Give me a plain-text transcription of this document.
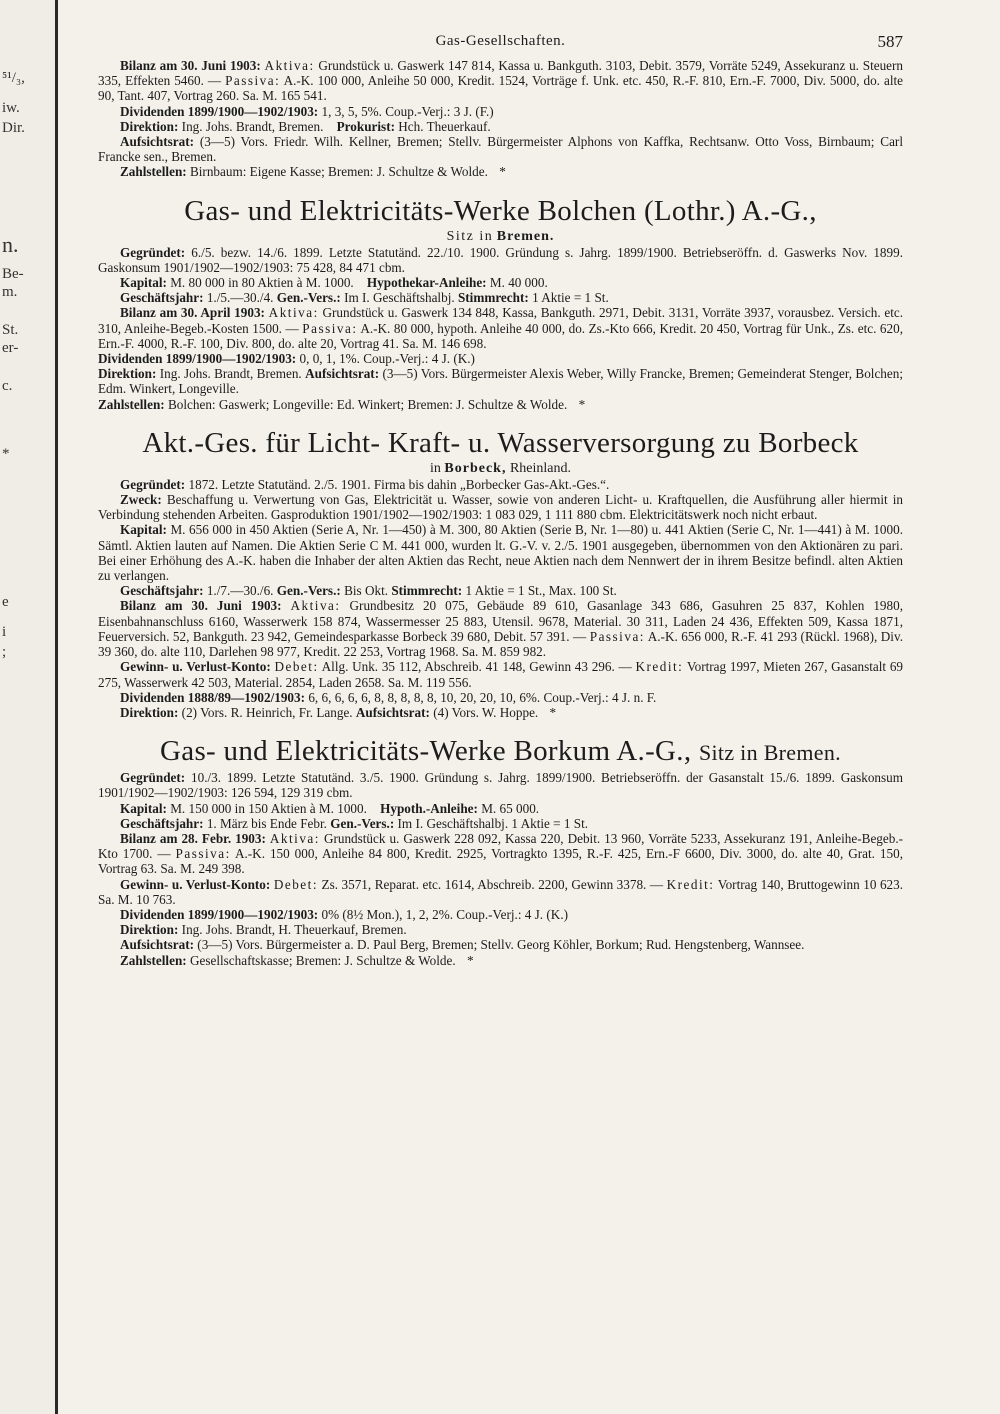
⁵¹/₃,
iw.
Dir.
n.
Be-
m.
St.
er-
c.
*
e
i
;
Gas-Gesellschaften.	587

Bilanz am 30. Juni 1903: Aktiva: Grundstück u. Gaswerk 147 814, Kassa u. Bankguth. 3103, Debit. 3579, Vorräte 5249, Assekuranz u. Steuern 335, Effekten 5460. — Passiva: A.-K. 100 000, Anleihe 50 000, Kredit. 1524, Vorträge f. Unk. etc. 450, R.-F. 810, Ern.-F. 7000, Div. 5000, do. alte 90, Tant. 407, Vortrag 260. Sa. M. 165 541.

Dividenden 1899/1900—1902/1903: 1, 3, 5, 5%. Coup.-Verj.: 3 J. (F.)

Direktion: Ing. Johs. Brandt, Bremen. Prokurist: Hch. Theuerkauf.

Aufsichtsrat: (3—5) Vors. Friedr. Wilh. Kellner, Bremen; Stellv. Bürgermeister Alphons von Kaffka, Rechtsanw. Otto Voss, Birnbaum; Carl Francke sen., Bremen.

Zahlstellen: Birnbaum: Eigene Kasse; Bremen: J. Schultze & Wolde. *

Gas- und Elektricitäts-Werke Bolchen (Lothr.) A.-G.,
Sitz in Bremen.

Gegründet: 6./5. bezw. 14./6. 1899. Letzte Statutänd. 22./10. 1900. Gründung s. Jahrg. 1899/1900. Betriebseröffn. d. Gaswerks Nov. 1899. Gaskonsum 1901/1902—1902/1903: 75 428, 84 471 cbm.

Kapital: M. 80 000 in 80 Aktien à M. 1000. Hypothekar-Anleihe: M. 40 000.

Geschäftsjahr: 1./5.—30./4. Gen.-Vers.: Im I. Geschäftshalbj. Stimmrecht: 1 Aktie = 1 St.

Bilanz am 30. April 1903: Aktiva: Grundstück u. Gaswerk 134 848, Kassa, Bankguth. 2971, Debit. 3131, Vorräte 3937, vorausbez. Versich. etc. 310, Anleihe-Begeb.-Kosten 1500. — Passiva: A.-K. 80 000, hypoth. Anleihe 40 000, do. Zs.-Kto 666, Kredit. 20 450, Vortrag für Unk., Zs. etc. 620, Ern.-F. 4000, R.-F. 100, Div. 800, do. alte 20, Vortrag 41. Sa. M. 146 698.

Dividenden 1899/1900—1902/1903: 0, 0, 1, 1%. Coup.-Verj.: 4 J. (K.)

Direktion: Ing. Johs. Brandt, Bremen. Aufsichtsrat: (3—5) Vors. Bürgermeister Alexis Weber, Willy Francke, Bremen; Gemeinderat Stenger, Bolchen; Edm. Winkert, Longeville.

Zahlstellen: Bolchen: Gaswerk; Longeville: Ed. Winkert; Bremen: J. Schultze & Wolde. *

Akt.-Ges. für Licht- Kraft- u. Wasserversorgung zu Borbeck
in Borbeck, Rheinland.

Gegründet: 1872. Letzte Statutänd. 2./5. 1901. Firma bis dahin „Borbecker Gas-Akt.-Ges.“.

Zweck: Beschaffung u. Verwertung von Gas, Elektricität u. Wasser, sowie von anderen Licht- u. Kraftquellen, die Ausführung aller hiermit in Verbindung stehenden Arbeiten. Gasproduktion 1901/1902—1902/1903: 1 083 029, 1 111 880 cbm. Elektricitätswerk noch nicht erbaut.

Kapital: M. 656 000 in 450 Aktien (Serie A, Nr. 1—450) à M. 300, 80 Aktien (Serie B, Nr. 1—80) u. 441 Aktien (Serie C, Nr. 1—441) à M. 1000. Sämtl. Aktien lauten auf Namen. Die Aktien Serie C M. 441 000, wurden lt. G.-V. v. 2./5. 1901 ausgegeben, übernommen von den Aktionären zu pari. Bei einer Erhöhung des A.-K. haben die Inhaber der alten Aktien das Recht, neue Aktien nach dem Nennwert der in ihrem Besitze befindl. alten Aktien zu verlangen.

Geschäftsjahr: 1./7.—30./6. Gen.-Vers.: Bis Okt. Stimmrecht: 1 Aktie = 1 St., Max. 100 St.

Bilanz am 30. Juni 1903: Aktiva: Grundbesitz 20 075, Gebäude 89 610, Gasanlage 343 686, Gasuhren 25 837, Kohlen 1980, Eisenbahnanschluss 6160, Wasserwerk 158 874, Wassermesser 25 883, Utensil. 9678, Material. 30 311, Laden 24 436, Effekten 509, Kassa 1871, Feuerversich. 52, Bankguth. 23 942, Gemeindesparkasse Borbeck 39 680, Debit. 57 391. — Passiva: A.-K. 656 000, R.-F. 41 293 (Rückl. 1968), Div. 39 360, do. alte 110, Darlehen 98 977, Kredit. 22 253, Vortrag 1968. Sa. M. 859 982.

Gewinn- u. Verlust-Konto: Debet: Allg. Unk. 35 112, Abschreib. 41 148, Gewinn 43 296. — Kredit: Vortrag 1997, Mieten 267, Gasanstalt 69 275, Wasserwerk 42 503, Material. 2854, Laden 2658. Sa. M. 119 556.

Dividenden 1888/89—1902/1903: 6, 6, 6, 6, 6, 8, 8, 8, 8, 8, 10, 20, 20, 10, 6%. Coup.-Verj.: 4 J. n. F.

Direktion: (2) Vors. R. Heinrich, Fr. Lange. Aufsichtsrat: (4) Vors. W. Hoppe. *

Gas- und Elektricitäts-Werke Borkum A.-G., Sitz in Bremen.

Gegründet: 10./3. 1899. Letzte Statutänd. 3./5. 1900. Gründung s. Jahrg. 1899/1900. Betriebseröffn. der Gasanstalt 15./6. 1899. Gaskonsum 1901/1902—1902/1903: 126 594, 129 319 cbm.

Kapital: M. 150 000 in 150 Aktien à M. 1000. Hypoth.-Anleihe: M. 65 000.

Geschäftsjahr: 1. März bis Ende Febr. Gen.-Vers.: Im I. Geschäftshalbj. 1 Aktie = 1 St.

Bilanz am 28. Febr. 1903: Aktiva: Grundstück u. Gaswerk 228 092, Kassa 220, Debit. 13 960, Vorräte 5233, Assekuranz 191, Anleihe-Begeb.-Kto 1700. — Passiva: A.-K. 150 000, Anleihe 84 800, Kredit. 2925, Vortragkto 1395, R.-F. 425, Ern.-F 6600, Div. 3000, do. alte 40, Grat. 150, Vortrag 63. Sa. M. 249 398.

Gewinn- u. Verlust-Konto: Debet: Zs. 3571, Reparat. etc. 1614, Abschreib. 2200, Gewinn 3378. — Kredit: Vortrag 140, Bruttogewinn 10 623. Sa. M. 10 763.

Dividenden 1899/1900—1902/1903: 0% (8½ Mon.), 1, 2, 2%. Coup.-Verj.: 4 J. (K.)

Direktion: Ing. Johs. Brandt, H. Theuerkauf, Bremen.

Aufsichtsrat: (3—5) Vors. Bürgermeister a. D. Paul Berg, Bremen; Stellv. Georg Köhler, Borkum; Rud. Hengstenberg, Wannsee.

Zahlstellen: Gesellschaftskasse; Bremen: J. Schultze & Wolde. *
